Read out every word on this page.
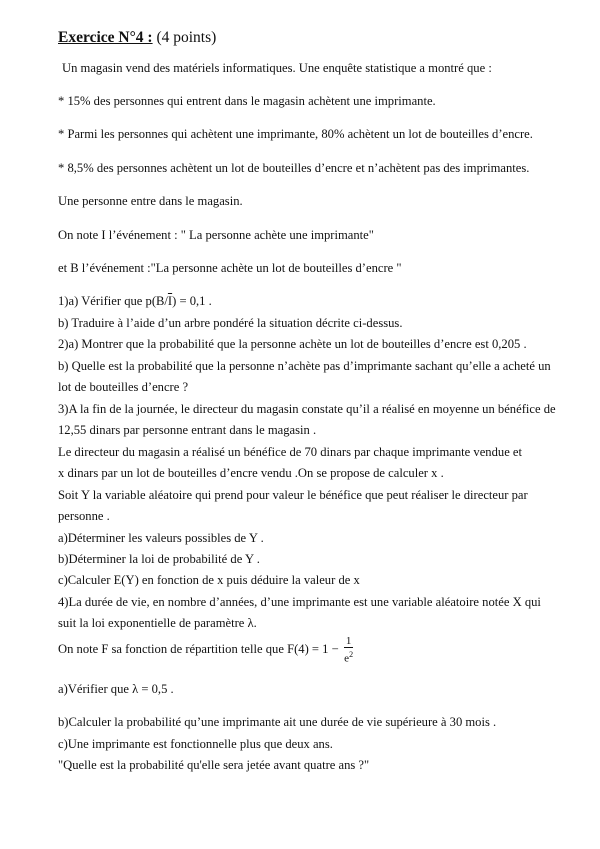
Exercice N°4 : (4 points)
Un magasin vend des matériels informatiques. Une enquête statistique a montré que :
* 15% des personnes qui entrent dans le magasin achètent une imprimante.
* Parmi les personnes qui achètent une imprimante, 80% achètent un lot de bouteilles d’encre.
* 8,5% des personnes achètent un lot de bouteilles d’encre et n’achètent pas des imprimantes.
Une personne entre dans le magasin.
On note I l’événement : " La personne achète une imprimante"
et B l’événement :"La personne achète un lot de bouteilles d’encre "
1)a) Vérifier que $p(B/\overline{I}) = 0,1$ .
b) Traduire à l’aide d’un arbre pondéré la situation décrite ci-dessus.
2)a) Montrer que la probabilité que la personne achète un lot de bouteilles d’encre est 0,205 .
b) Quelle est la probabilité que la personne n’achète pas d’imprimante sachant qu’elle a acheté un
lot de bouteilles d’encre ?
3)A la fin de la journée, le directeur du magasin constate qu’il a réalisé en moyenne un bénéfice de
12,55 dinars par personne entrant dans le magasin .
Le directeur du magasin a réalisé un bénéfice de 70 dinars par chaque imprimante vendue et
x dinars par un lot de bouteilles d’encre vendu .On se propose de calculer x .
Soit Y la variable aléatoire qui prend pour valeur le bénéfice que peut réaliser le directeur par
personne .
a)Déterminer les valeurs possibles de Y .
b)Déterminer la loi de probabilité de Y .
c)Calculer E(Y) en fonction de x puis déduire la valeur de x
4)La durée de vie, en nombre d’années, d’une imprimante est une variable aléatoire notée X qui
suit la loi exponentielle de paramètre λ.
On note F sa fonction de répartition telle que $F(4) = 1 - \frac{1}{e^2}$
a)Vérifier que λ = 0,5 .
b)Calculer la probabilité qu’une imprimante ait une durée de vie supérieure à 30 mois .
c)Une imprimante est fonctionnelle plus que deux ans.
"Quelle est la probabilité qu'elle sera jetée avant quatre ans ?"
